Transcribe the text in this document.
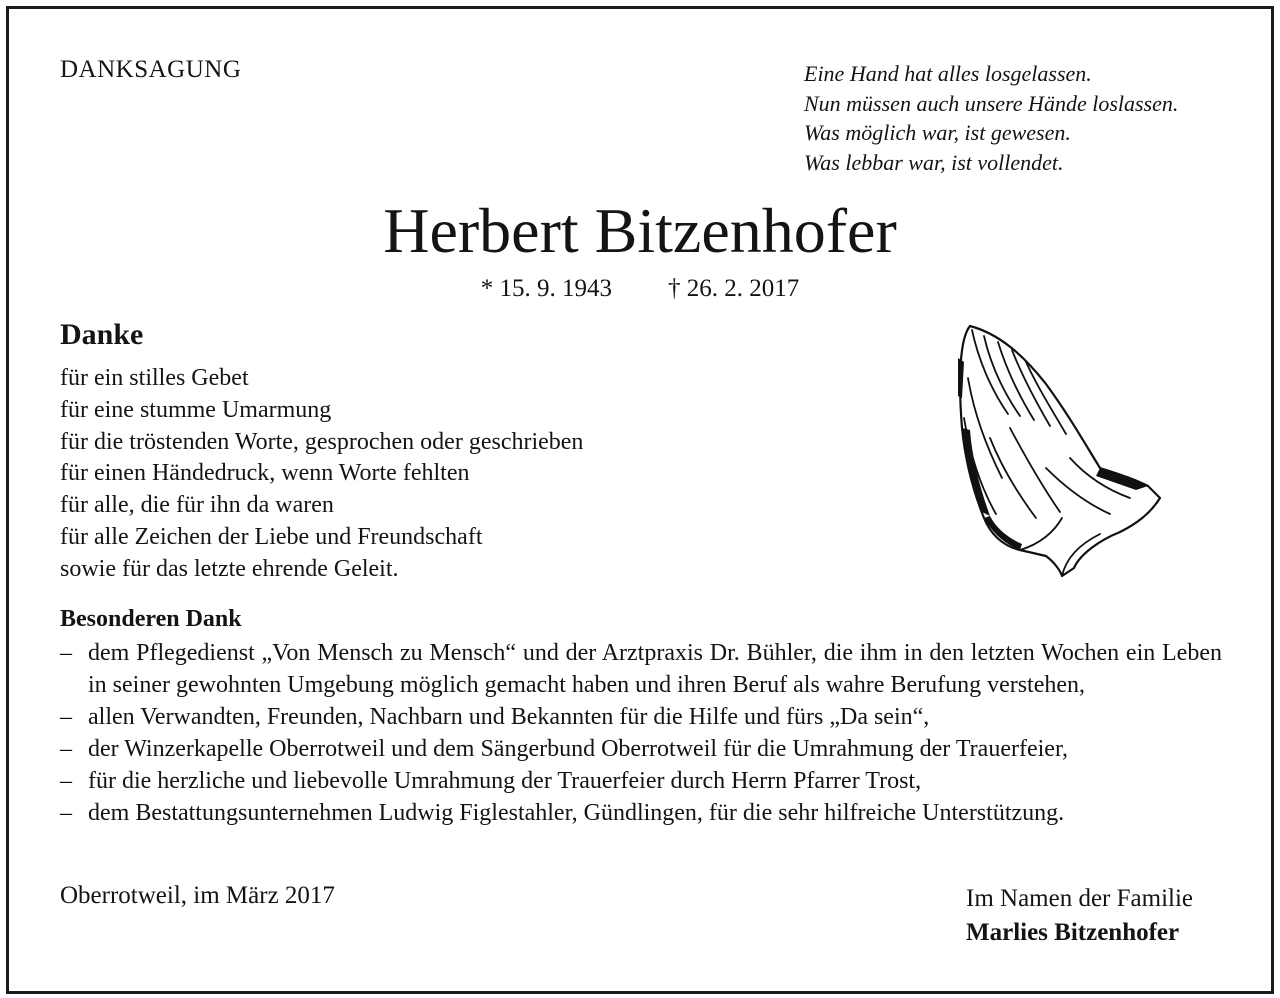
DANKSAGUNG	Eine Hand hat alles losgelassen.
Nun müssen auch unsere Hände loslassen.
Was möglich war, ist gewesen.
Was lebbar war, ist vollendet.
Herbert Bitzenhofer
* 15. 9. 1943 † 26. 2. 2017
Danke
für ein stilles Gebet
für eine stumme Umarmung
für die tröstenden Worte, gesprochen oder geschrieben
für einen Händedruck, wenn Worte fehlten
für alle, die für ihn da waren
für alle Zeichen der Liebe und Freundschaft
sowie für das letzte ehrende Geleit.
Besonderen Dank
– dem Pflegedienst „Von Mensch zu Mensch“ und der Arztpraxis Dr. Bühler, die ihm in den letzten Wochen ein Leben in seiner gewohnten Umgebung möglich gemacht haben und ihren Beruf als wahre Berufung verstehen,
– allen Verwandten, Freunden, Nachbarn und Bekannten für die Hilfe und fürs „Da sein“,
– der Winzerkapelle Oberrotweil und dem Sängerbund Oberrotweil für die Umrahmung der Trauerfeier,
– für die herzliche und liebevolle Umrahmung der Trauerfeier durch Herrn Pfarrer Trost,
– dem Bestattungsunternehmen Ludwig Figlestahler, Gündlingen, für die sehr hilfreiche Unterstützung.
Oberrotweil, im März 2017	Im Namen der Familie
Marlies Bitzenhofer
